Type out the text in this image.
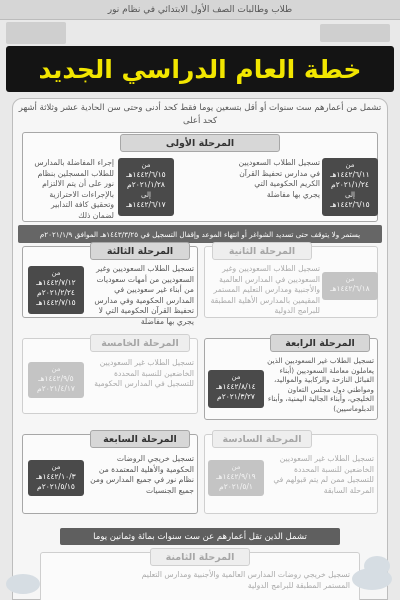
طلاب وطالبات الصف الأول الابتدائي في نظام نور
خطة العام الدراسي الجديد
تشمل من أعمارهم ست سنوات أو أقل بتسعين يوما فقط كحد أدنى وحتى سن الحادية عشر وثلاثة أشهر كحد أعلى
المرحلة الأولى
تسجيل الطلاب السعوديين في مدارس تحفيظ القرآن الكريم الحكومية التي يجري بها مفاضلة
من
١٤٤٢/٦/١١هـ
٢٠٢١/١/٢٤م
إلى
١٤٤٢/٦/١٥هـ
إجراء المفاضلة بالمدارس للطلاب المسجلين بنظام نور على أن يتم الالتزام بالإجراءات الاحترازية وتحقيق كافة التدابير لضمان ذلك
من
١٤٤٢/٦/١٥هـ
٢٠٢١/١/٢٨م
إلى
١٤٤٢/٦/١٧هـ
يستمر ولا يتوقف حتى تسديد الشواغر أو انتهاء الموعد وإقفال التسجيل في ١٤٤٣/٣/٢٥هـ الموافق ٢٠٢١/١/٩م
المرحلة الثالثة
تسجيل الطلاب السعوديين وغير السعوديين من أمهات سعوديات من أبناء غير سعوديين في المدارس الحكومية وفي مدارس تحفيظ القرآن الحكومية التي لا يجري بها مفاضلة
من
١٤٤٢/٧/١٢هـ
٢٠٢١/٢/٢٤م
١٤٤٢/٧/١٥هـ
المرحلة الثانية
تسجيل الطلاب السعوديين وغير السعوديين في المدارس العالمية والأجنبية ومدارس التعليم المستمر المقيمين بالمدارس الأهلية المطبقة للبرامج الدولية
من
١٤٤٢/٦/١٨هـ
المرحلة الخامسة
تسجيل الطلاب غير السعوديين الخاضعين للنسبة المحددة للتسجيل في المدارس الحكومية
من
١٤٤٢/٩/٥هـ
٢٠٢١/٤/١٧م
المرحلة الرابعة
تسجيل الطلاب غير السعوديين الذين يعاملون معاملة السعوديين (أبناء القبائل النازحة والركابية والمواليد، ومواطني دول مجلس التعاون الخليجي، وأبناء الجالية اليمنية، وأبناء الدبلوماسيين)
من
١٤٤٢/٨/١٤هـ
٢٠٢١/٣/٢٧م
المرحلة السابعة
تسجيل خريجي الروضات الحكومية والأهلية المعتمدة من نظام نور في جميع المدارس ومن جميع الجنسيات
من
١٤٤٢/١٠/٣هـ
٢٠٢١/٥/١٥م
المرحلة السادسة
تسجيل الطلاب غير السعوديين الخاضعين للنسبة المحددة للتسجيل ممن لم يتم قبولهم في المرحلة السابقة
من
١٤٤٢/٩/١٩هـ
٢٠٢١/٥/١م
تشمل الذين تقل أعمارهم عن ست سنوات بمائة وثمانين يوما
المرحلة الثامنة
تسجيل خريجي روضات المدارس العالمية والأجنبية ومدارس التعليم المستمر المطبقة للبرامج الدولية
